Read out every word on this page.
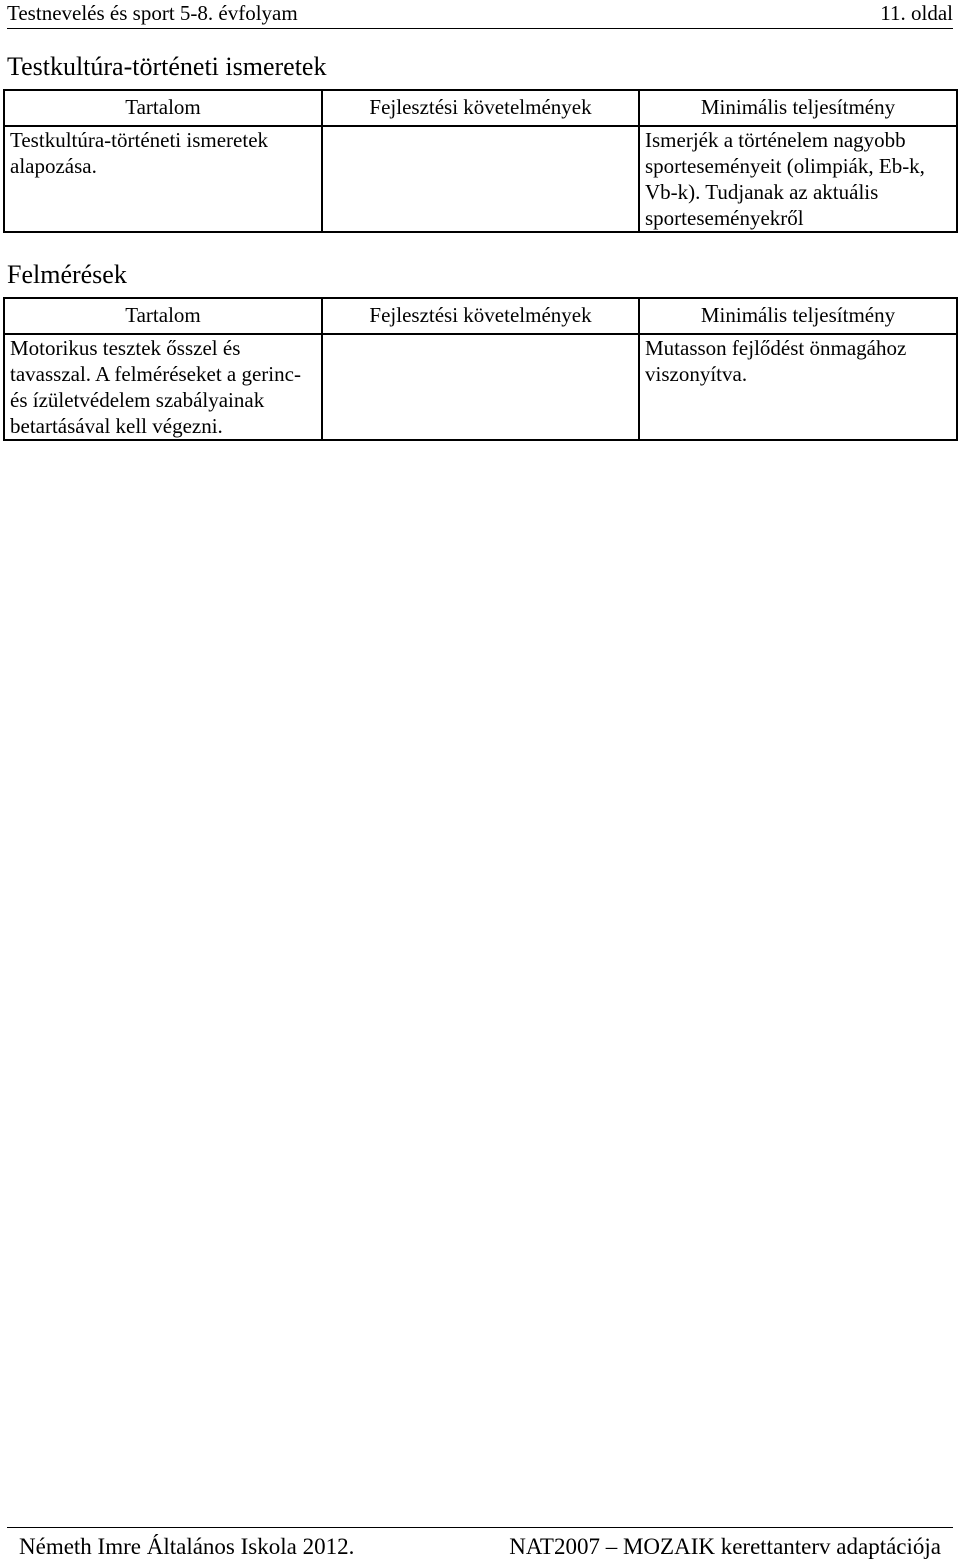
Testnevelés és sport 5-8. évfolyam	11. oldal
Testkultúra-történeti ismeretek
Tartalom	Fejlesztési követelmények	Minimális teljesítmény
Testkultúra-történeti ismeretek alapozása.		Ismerjék a történelem nagyobb sporteseményeit (olimpiák, Eb-k, Vb-k). Tudjanak az aktuális sporteseményekről
Felmérések
Tartalom	Fejlesztési követelmények	Minimális teljesítmény
Motorikus tesztek ősszel és tavasszal. A felméréseket a gerinc- és ízületvédelem szabályainak betartásával kell végezni.		Mutasson fejlődést önmagához viszonyítva.
Németh Imre Általános Iskola 2012.	NAT2007 – MOZAIK kerettanterv adaptációja
